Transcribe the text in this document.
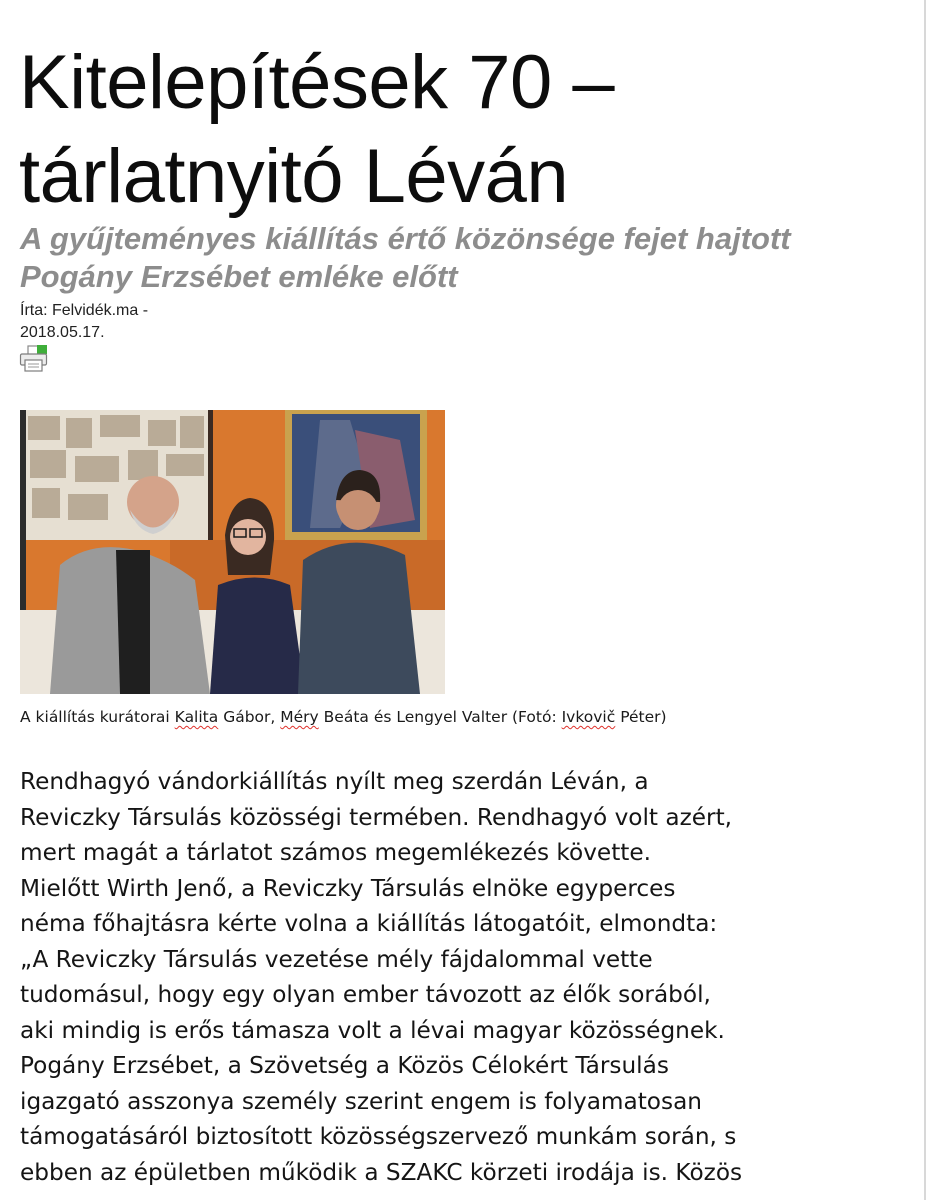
Kitelepítések 70 –
tárlatnyitó Léván
A gyűjteményes kiállítás értő közönsége fejet hajtott
Pogány Erzsébet emléke előtt
Írta: Felvidék.ma -
2018.05.17.
A kiállítás kurátorai Kalita Gábor, Méry Beáta és Lengyel Valter (Fotó: Ivkovič Péter)
Rendhagyó vándorkiállítás nyílt meg szerdán Léván, a
Reviczky Társulás közösségi termében. Rendhagyó volt azért,
mert magát a tárlatot számos megemlékezés követte.
Mielőtt Wirth Jenő, a Reviczky Társulás elnöke egyperces
néma főhajtásra kérte volna a kiállítás látogatóit, elmondta:
„A Reviczky Társulás vezetése mély fájdalommal vette
tudomásul, hogy egy olyan ember távozott az élők sorából,
aki mindig is erős támasza volt a lévai magyar közösségnek.
Pogány Erzsébet, a Szövetség a Közös Célokért Társulás
igazgató asszonya személy szerint engem is folyamatosan
támogatásáról biztosított közösségszervező munkám során, s
ebben az épületben működik a SZAKC körzeti irodája is. Közös
